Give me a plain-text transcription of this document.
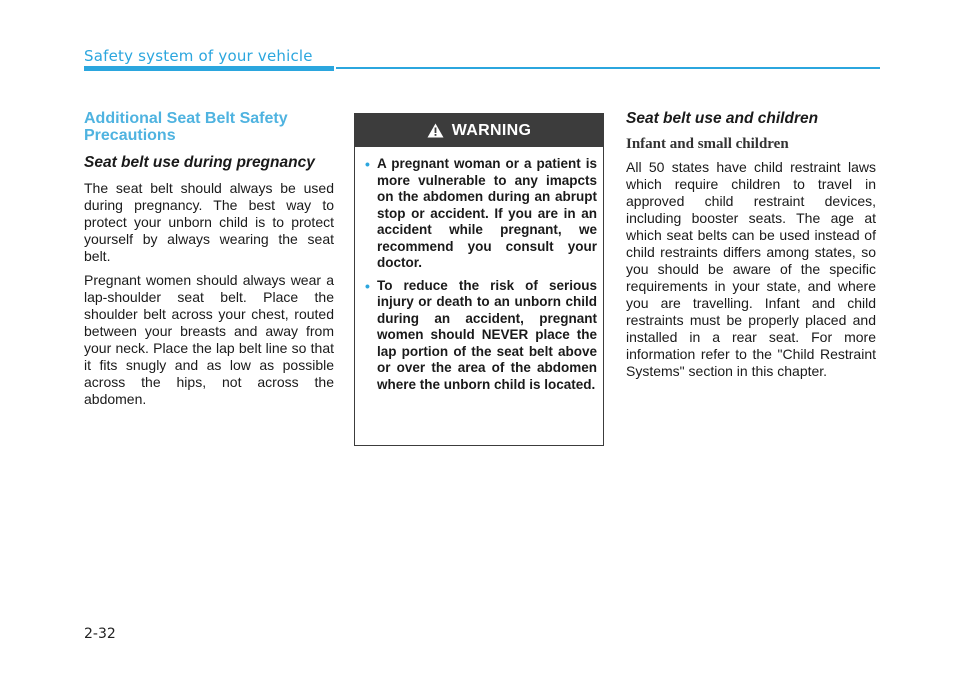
Safety system of your vehicle
Additional Seat Belt Safety Precautions
Seat belt use during pregnancy

The seat belt should always be used during pregnancy. The best way to protect your unborn child is to protect yourself by always wearing the seat belt.

Pregnant women should always wear a lap-shoulder seat belt. Place the shoulder belt across your chest, routed between your breasts and away from your neck. Place the lap belt line so that it fits snugly and as low as possible across the hips, not across the abdomen.

WARNING
• A pregnant woman or a patient is more vulnerable to any imapcts on the abdomen during an abrupt stop or accident. If you are in an accident while pregnant, we recommend you consult your doctor.
• To reduce the risk of serious injury or death to an unborn child during an accident, pregnant women should NEVER place the lap portion of the seat belt above or over the area of the abdomen where the unborn child is located.
Seat belt use and children
Infant and small children

All 50 states have child restraint laws which require children to travel in approved child restraint devices, including booster seats. The age at which seat belts can be used instead of child restraints differs among states, so you should be aware of the specific requirements in your state, and where you are travelling. Infant and child restraints must be properly placed and installed in a rear seat. For more information refer to the "Child Restraint Systems" section in this chapter.

2-32
